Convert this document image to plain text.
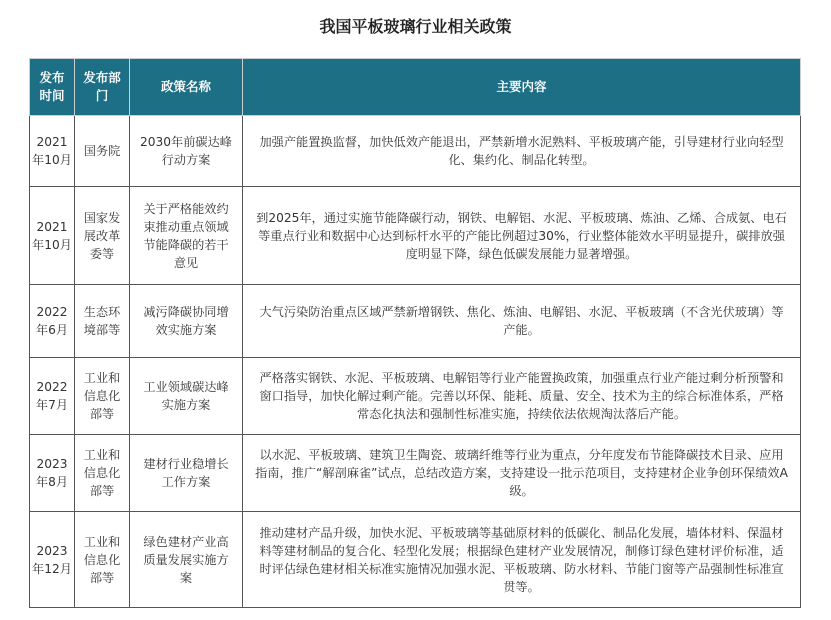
我国平板玻璃行业相关政策
发布时间	发布部门	政策名称	主要内容
2021年10月	国务院	2030年前碳达峰行动方案	加强产能置换监督，加快低效产能退出，严禁新增水泥熟料、平板玻璃产能，引导建材行业向轻型化、集约化、制品化转型。
2021年10月	国家发展改革委等	关于严格能效约束推动重点领域节能降碳的若干意见	到2025年，通过实施节能降碳行动，钢铁、电解铝、水泥、平板玻璃、炼油、乙烯、合成氨、电石等重点行业和数据中心达到标杆水平的产能比例超过30%，行业整体能效水平明显提升，碳排放强度明显下降，绿色低碳发展能力显著增强。
2022年6月	生态环境部等	减污降碳协同增效实施方案	大气污染防治重点区域严禁新增钢铁、焦化、炼油、电解铝、水泥、平板玻璃（不含光伏玻璃）等产能。
2022年7月	工业和信息化部等	工业领域碳达峰实施方案	严格落实钢铁、水泥、平板玻璃、电解铝等行业产能置换政策，加强重点行业产能过剩分析预警和窗口指导，加快化解过剩产能。完善以环保、能耗、质量、安全、技术为主的综合标准体系，严格常态化执法和强制性标准实施，持续依法依规淘汰落后产能。
2023年8月	工业和信息化部等	建材行业稳增长工作方案	以水泥、平板玻璃、建筑卫生陶瓷、玻璃纤维等行业为重点，分年度发布节能降碳技术目录、应用指南，推广“解剖麻雀”试点，总结改造方案，支持建设一批示范项目，支持建材企业争创环保绩效A级。
2023年12月	工业和信息化部等	绿色建材产业高质量发展实施方案	推动建材产品升级，加快水泥、平板玻璃等基础原材料的低碳化、制品化发展，墙体材料、保温材料等建材制品的复合化、轻型化发展；根据绿色建材产业发展情况，制修订绿色建材评价标准，适时评估绿色建材相关标准实施情况加强水泥、平板玻璃、防水材料、节能门窗等产品强制性标准宣贯等。
